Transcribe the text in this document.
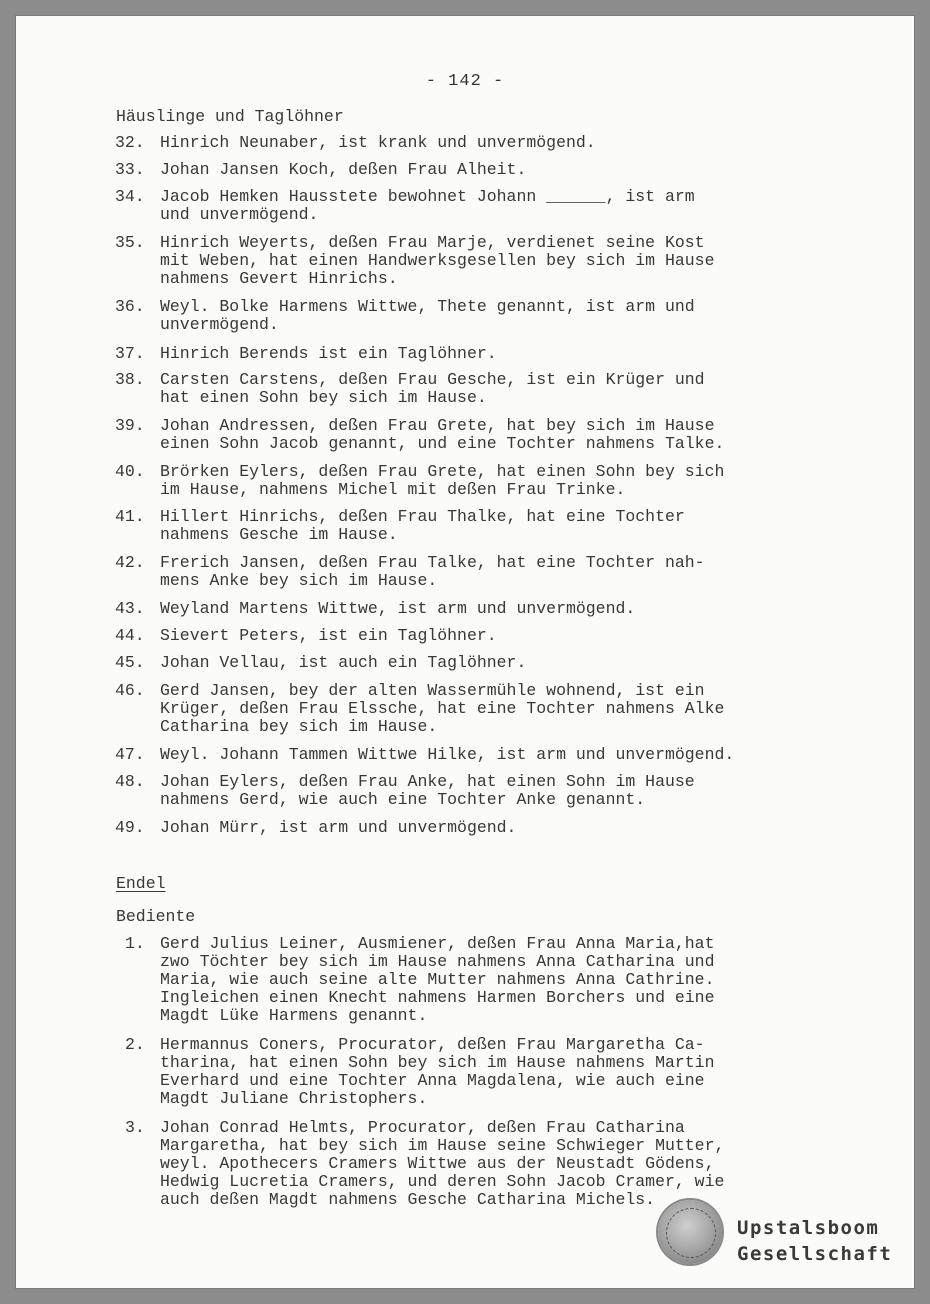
- 142 -
Häuslinge und Taglöhner

32.

Hinrich Neunaber, ist krank und unvermögend.

33.

Johan Jansen Koch, deßen Frau Alheit.

34.

Jacob Hemken Hausstete bewohnet Johann ______, ist arm
und unvermögend.

35.

Hinrich Weyerts, deßen Frau Marje, verdienet seine Kost
mit Weben, hat einen Handwerksgesellen bey sich im Hause
nahmens Gevert Hinrichs.

36.

Weyl. Bolke Harmens Wittwe, Thete genannt, ist arm und
unvermögend.

37.

Hinrich Berends ist ein Taglöhner.

38.

Carsten Carstens, deßen Frau Gesche, ist ein Krüger und
hat einen Sohn bey sich im Hause.

39.

Johan Andressen, deßen Frau Grete, hat bey sich im Hause
einen Sohn Jacob genannt, und eine Tochter nahmens Talke.

40.

Brörken Eylers, deßen Frau Grete, hat einen Sohn bey sich
im Hause, nahmens Michel mit deßen Frau Trinke.

41.

Hillert Hinrichs, deßen Frau Thalke, hat eine Tochter
nahmens Gesche im Hause.

42.

Frerich Jansen, deßen Frau Talke, hat eine Tochter nah-
mens Anke bey sich im Hause.

43.

Weyland Martens Wittwe, ist arm und unvermögend.

44.

Sievert Peters, ist ein Taglöhner.

45.

Johan Vellau, ist auch ein Taglöhner.

46.

Gerd Jansen, bey der alten Wassermühle wohnend, ist ein
Krüger, deßen Frau Elssche, hat eine Tochter nahmens Alke
Catharina bey sich im Hause.

47.

Weyl. Johann Tammen Wittwe Hilke, ist arm und unvermögend.

48.

Johan Eylers, deßen Frau Anke, hat einen Sohn im Hause
nahmens Gerd, wie auch eine Tochter Anke genannt.

49.

Johan Mürr, ist arm und unvermögend.

Endel
Bediente

1.

Gerd Julius Leiner, Ausmiener, deßen Frau Anna Maria,hat
zwo Töchter bey sich im Hause nahmens Anna Catharina und
Maria, wie auch seine alte Mutter nahmens Anna Cathrine.
Ingleichen einen Knecht nahmens Harmen Borchers und eine
Magdt Lüke Harmens genannt.

2.

Hermannus Coners, Procurator, deßen Frau Margaretha Ca-
tharina, hat einen Sohn bey sich im Hause nahmens Martin
Everhard und eine Tochter Anna Magdalena, wie auch eine
Magdt Juliane Christophers.

3.

Johan Conrad Helmts, Procurator, deßen Frau Catharina
Margaretha, hat bey sich im Hause seine Schwieger Mutter,
weyl. Apothecers Cramers Wittwe aus der Neustadt Gödens,
Hedwig Lucretia Cramers, und deren Sohn Jacob Cramer, wie
auch deßen Magdt nahmens Gesche Catharina Michels.

Upstalsboom
Gesellschaft
